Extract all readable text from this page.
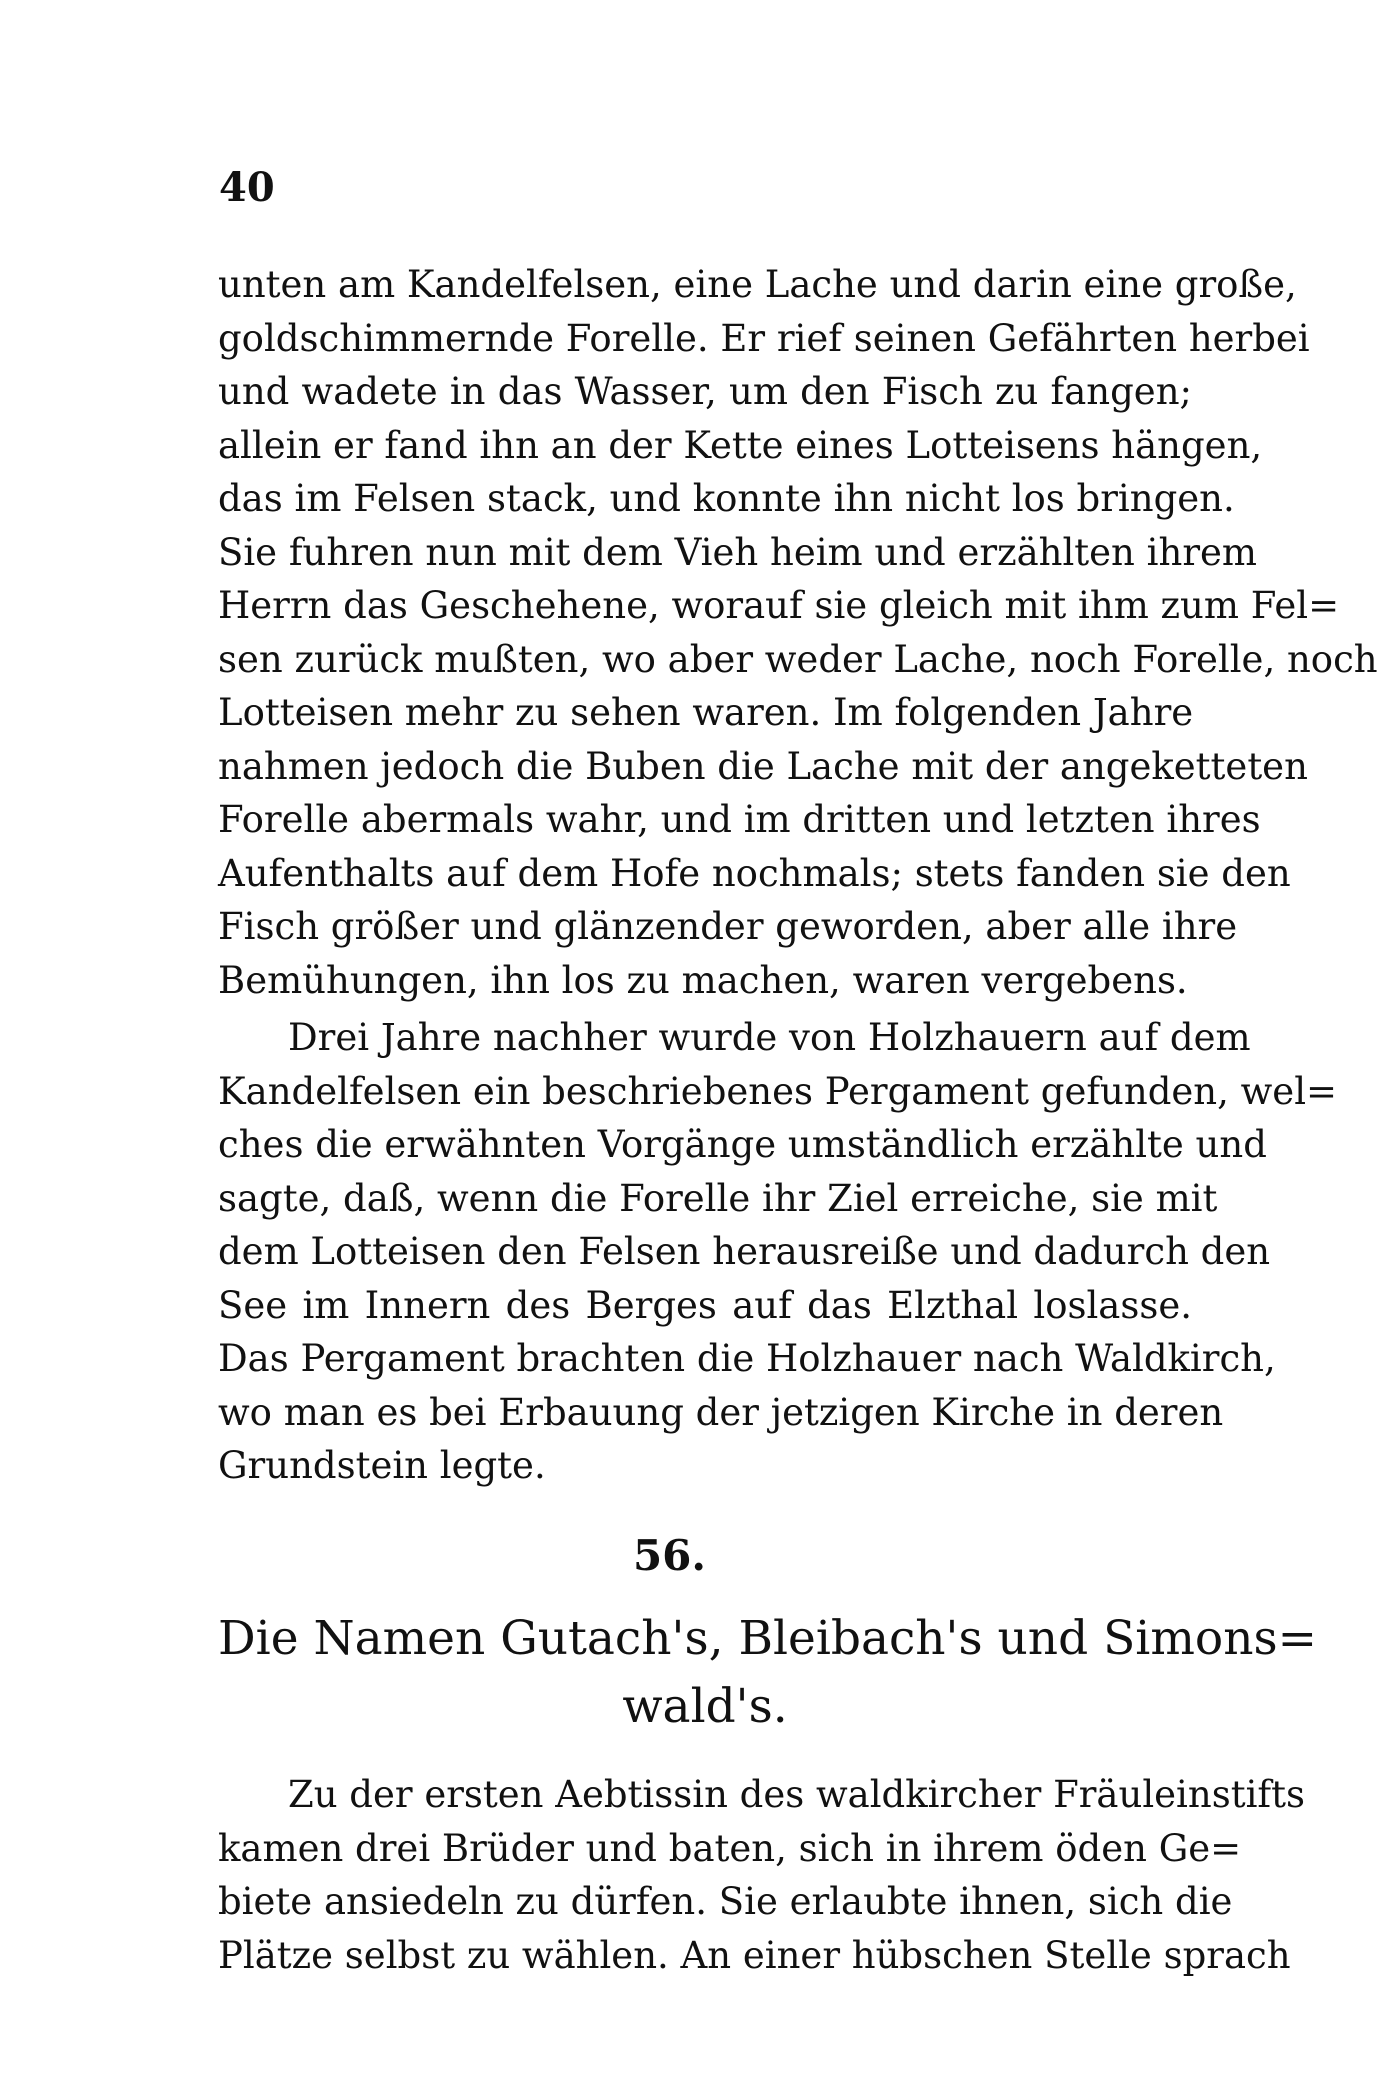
40
unten am Kandelfelsen, eine Lache und darin eine große,
goldschimmernde Forelle. Er rief seinen Gefährten herbei
und wadete in das Wasser, um den Fisch zu fangen;
allein er fand ihn an der Kette eines Lotteisens hängen,
das im Felsen stack, und konnte ihn nicht los bringen.
Sie fuhren nun mit dem Vieh heim und erzählten ihrem
Herrn das Geschehene, worauf sie gleich mit ihm zum Fel=
sen zurück mußten, wo aber weder Lache, noch Forelle, noch
Lotteisen mehr zu sehen waren. Im folgenden Jahre
nahmen jedoch die Buben die Lache mit der angeketteten
Forelle abermals wahr, und im dritten und letzten ihres
Aufenthalts auf dem Hofe nochmals; stets fanden sie den
Fisch größer und glänzender geworden, aber alle ihre
Bemühungen, ihn los zu machen, waren vergebens.
Drei Jahre nachher wurde von Holzhauern auf dem
Kandelfelsen ein beschriebenes Pergament gefunden, wel=
ches die erwähnten Vorgänge umständlich erzählte und
sagte, daß, wenn die Forelle ihr Ziel erreiche, sie mit
dem Lotteisen den Felsen herausreiße und dadurch den
See im Innern des Berges auf das Elzthal loslasse.
Das Pergament brachten die Holzhauer nach Waldkirch,
wo man es bei Erbauung der jetzigen Kirche in deren
Grundstein legte.
56.
Die Namen Gutach's, Bleibach's und Simons=
wald's.
Zu der ersten Aebtissin des waldkircher Fräuleinstifts
kamen drei Brüder und baten, sich in ihrem öden Ge=
biete ansiedeln zu dürfen. Sie erlaubte ihnen, sich die
Plätze selbst zu wählen. An einer hübschen Stelle sprach
